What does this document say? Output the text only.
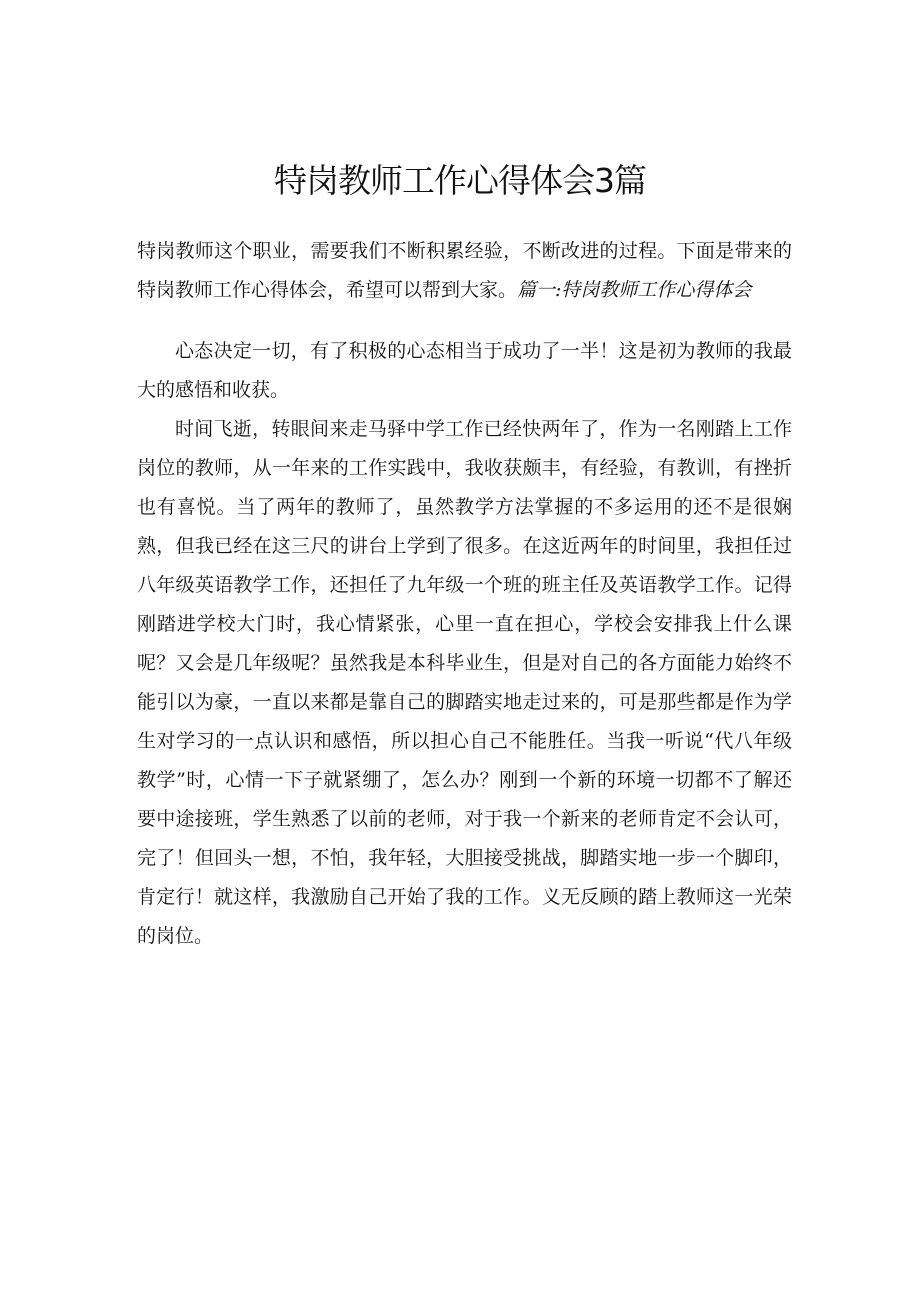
特岗教师工作心得体会3篇

特岗教师这个职业，需要我们不断积累经验，不断改进的过程。下面是带来的特岗教师工作心得体会，希望可以帮到大家。篇一:特岗教师工作心得体会

心态决定一切，有了积极的心态相当于成功了一半！这是初为教师的我最大的感悟和收获。

时间飞逝，转眼间来走马驿中学工作已经快两年了，作为一名刚踏上工作岗位的教师，从一年来的工作实践中，我收获颇丰，有经验，有教训，有挫折也有喜悦。当了两年的教师了，虽然教学方法掌握的不多运用的还不是很娴熟，但我已经在这三尺的讲台上学到了很多。在这近两年的时间里，我担任过八年级英语教学工作，还担任了九年级一个班的班主任及英语教学工作。记得刚踏进学校大门时，我心情紧张，心里一直在担心，学校会安排我上什么课呢？又会是几年级呢？虽然我是本科毕业生，但是对自己的各方面能力始终不能引以为豪，一直以来都是靠自己的脚踏实地走过来的，可是那些都是作为学生对学习的一点认识和感悟，所以担心自己不能胜任。当我一听说“代八年级教学”时，心情一下子就紧绷了，怎么办？刚到一个新的环境一切都不了解还要中途接班，学生熟悉了以前的老师，对于我一个新来的老师肯定不会认可，完了！但回头一想，不怕，我年轻，大胆接受挑战，脚踏实地一步一个脚印，肯定行！就这样，我激励自己开始了我的工作。义无反顾的踏上教师这一光荣的岗位。
